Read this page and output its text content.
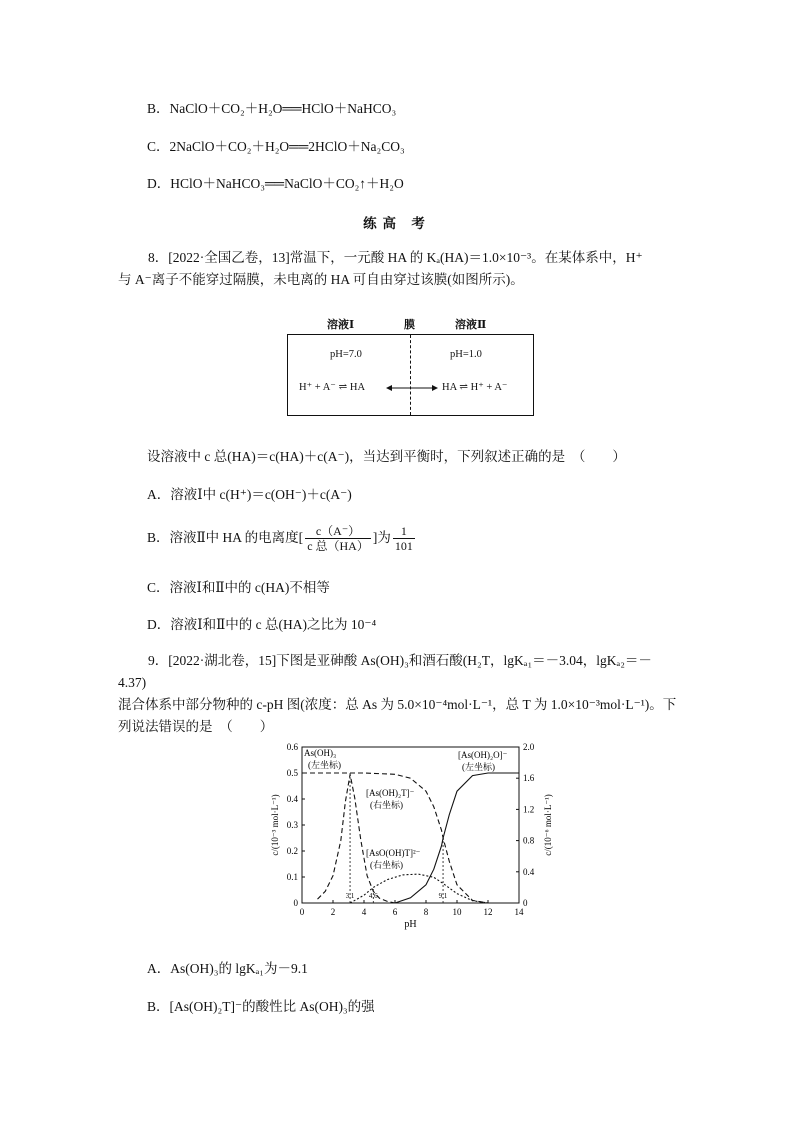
B．NaClO＋CO₂＋H₂O══HClO＋NaHCO₃
C．2NaClO＋CO₂＋H₂O══2HClO＋Na₂CO₃
D．HClO＋NaHCO₃══NaClO＋CO₂↑＋H₂O
练高 考
8．[2022·全国乙卷，13]常温下，一元酸 HA 的 Kₐ(HA)＝1.0×10⁻³。在某体系中，H⁺
与 A⁻离子不能穿过隔膜，未电离的 HA 可自由穿过该膜(如图所示)。
溶液Ⅰ	膜	溶液Ⅱ
pH=7.0	pH=1.0
H⁺ + A⁻ ⇌ HA	HA ⇌ H⁺ + A⁻
设溶液中 c 总(HA)＝c(HA)＋c(A⁻)，当达到平衡时，下列叙述正确的是　（　　）
A．溶液Ⅰ中 c(H⁺)＝c(OH⁻)＋c(A⁻)
B．溶液Ⅱ中 HA 的电离度[ $\frac{c(A^-)}{\text{c 总（HA）}}$ ]为 $\frac{1}{101}$
C．溶液Ⅰ和Ⅱ中的 c(HA)不相等
D．溶液Ⅰ和Ⅱ中的 c 总(HA)之比为 10⁻⁴
9．[2022·湖北卷，15]下图是亚砷酸 As(OH)₃和酒石酸(H₂T，lgKₐ₁＝－3.04，lgKₐ₂＝－4.37)
混合体系中部分物种的 c-pH 图(浓度：总 As 为 5.0×10⁻⁴mol·L⁻¹，总 T 为 1.0×10⁻³mol·L⁻¹)。下
列说法错误的是　（　　）
0	2	4	6	8	10 12 14
0
0.1
0.2
0.3
0.4
0.5
0.6
0
0.4
0.8
1.2
1.6
2.0
3.1 4.6	9.1
pH
c/(10⁻³ mol·L⁻¹)	c/(10⁻⁶ mol·L⁻¹)
As(OH)₃
(左坐标)
[As(OH)₂T]⁻
(右坐标)
[As(OH)₂O]⁻
(左坐标)
[AsO(OH)T]²⁻
(右坐标)
A．As(OH)₃的 lgKₐ₁为－9.1
B．[As(OH)₂T]⁻的酸性比 As(OH)₃的强
